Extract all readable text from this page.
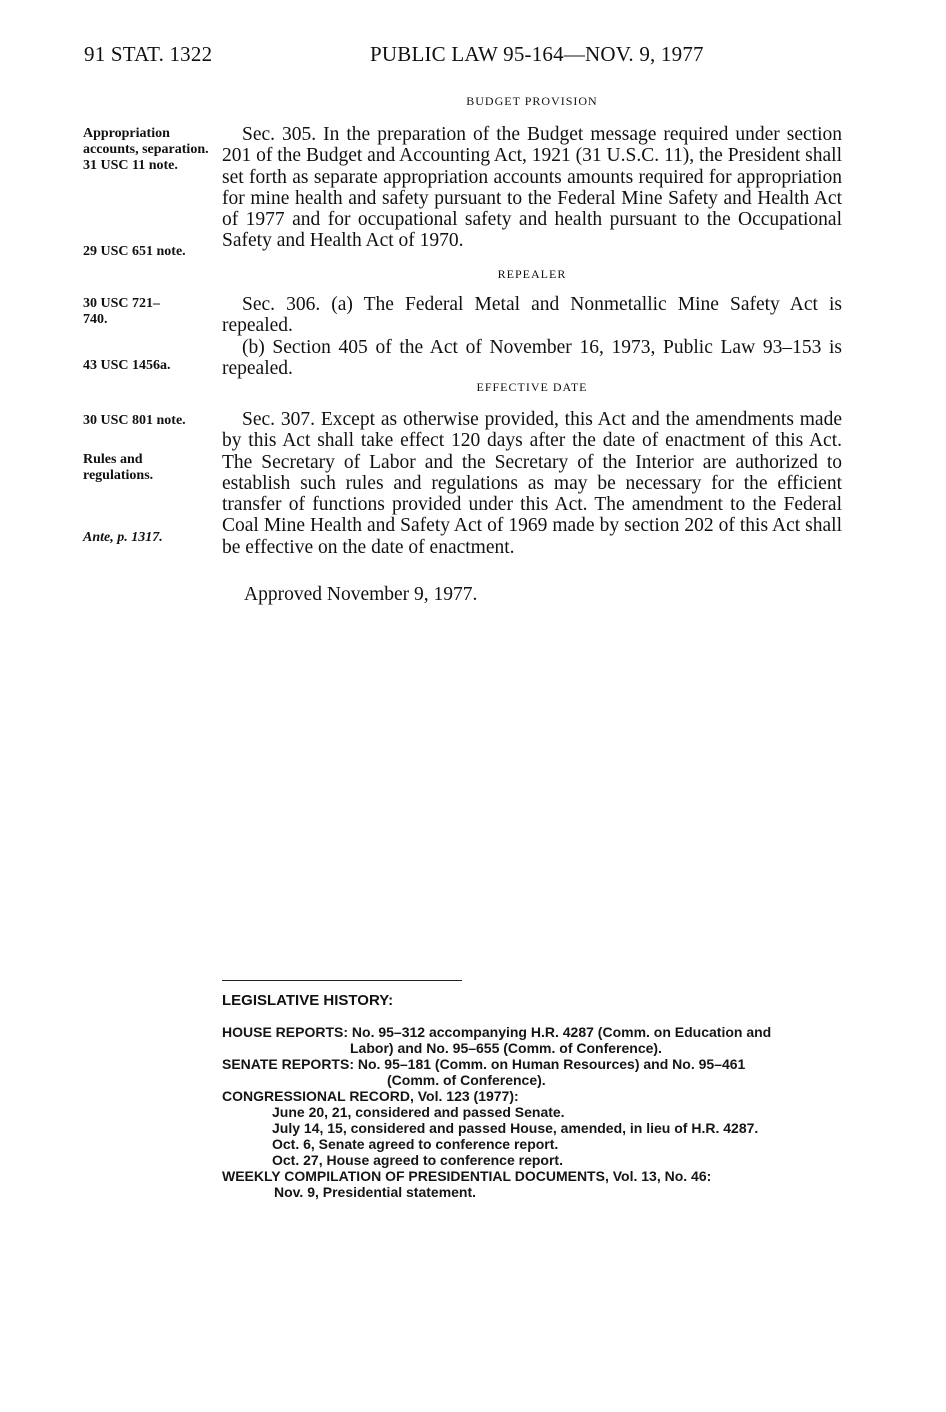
91 STAT. 1322	PUBLIC LAW 95-164—NOV. 9, 1977
BUDGET PROVISION
Appropriation accounts, separation. 31 USC 11 note.
29 USC 651 note.

Sec. 305. In the preparation of the Budget message required under section 201 of the Budget and Accounting Act, 1921 (31 U.S.C. 11), the President shall set forth as separate appropriation accounts amounts required for appropriation for mine health and safety pursuant to the Federal Mine Safety and Health Act of 1977 and for occupational safety and health pursuant to the Occupational Safety and Health Act of 1970.

REPEALER
30 USC 721–740.
43 USC 1456a.

Sec. 306. (a) The Federal Metal and Nonmetallic Mine Safety Act is repealed.

(b) Section 405 of the Act of November 16, 1973, Public Law 93–153 is repealed.

EFFECTIVE DATE
30 USC 801 note.
Rules and regulations.
Ante, p. 1317.

Sec. 307. Except as otherwise provided, this Act and the amendments made by this Act shall take effect 120 days after the date of enactment of this Act. The Secretary of Labor and the Secretary of the Interior are authorized to establish such rules and regulations as may be necessary for the efficient transfer of functions provided under this Act. The amendment to the Federal Coal Mine Health and Safety Act of 1969 made by section 202 of this Act shall be effective on the date of enactment.

Approved November 9, 1977.
LEGISLATIVE HISTORY:
HOUSE REPORTS: No. 95–312 accompanying H.R. 4287 (Comm. on Education and
Labor) and No. 95–655 (Comm. of Conference).
SENATE REPORTS: No. 95–181 (Comm. on Human Resources) and No. 95–461
(Comm. of Conference).
CONGRESSIONAL RECORD, Vol. 123 (1977):
June 20, 21, considered and passed Senate.
July 14, 15, considered and passed House, amended, in lieu of H.R. 4287.
Oct. 6, Senate agreed to conference report.
Oct. 27, House agreed to conference report.
WEEKLY COMPILATION OF PRESIDENTIAL DOCUMENTS, Vol. 13, No. 46:
Nov. 9, Presidential statement.
